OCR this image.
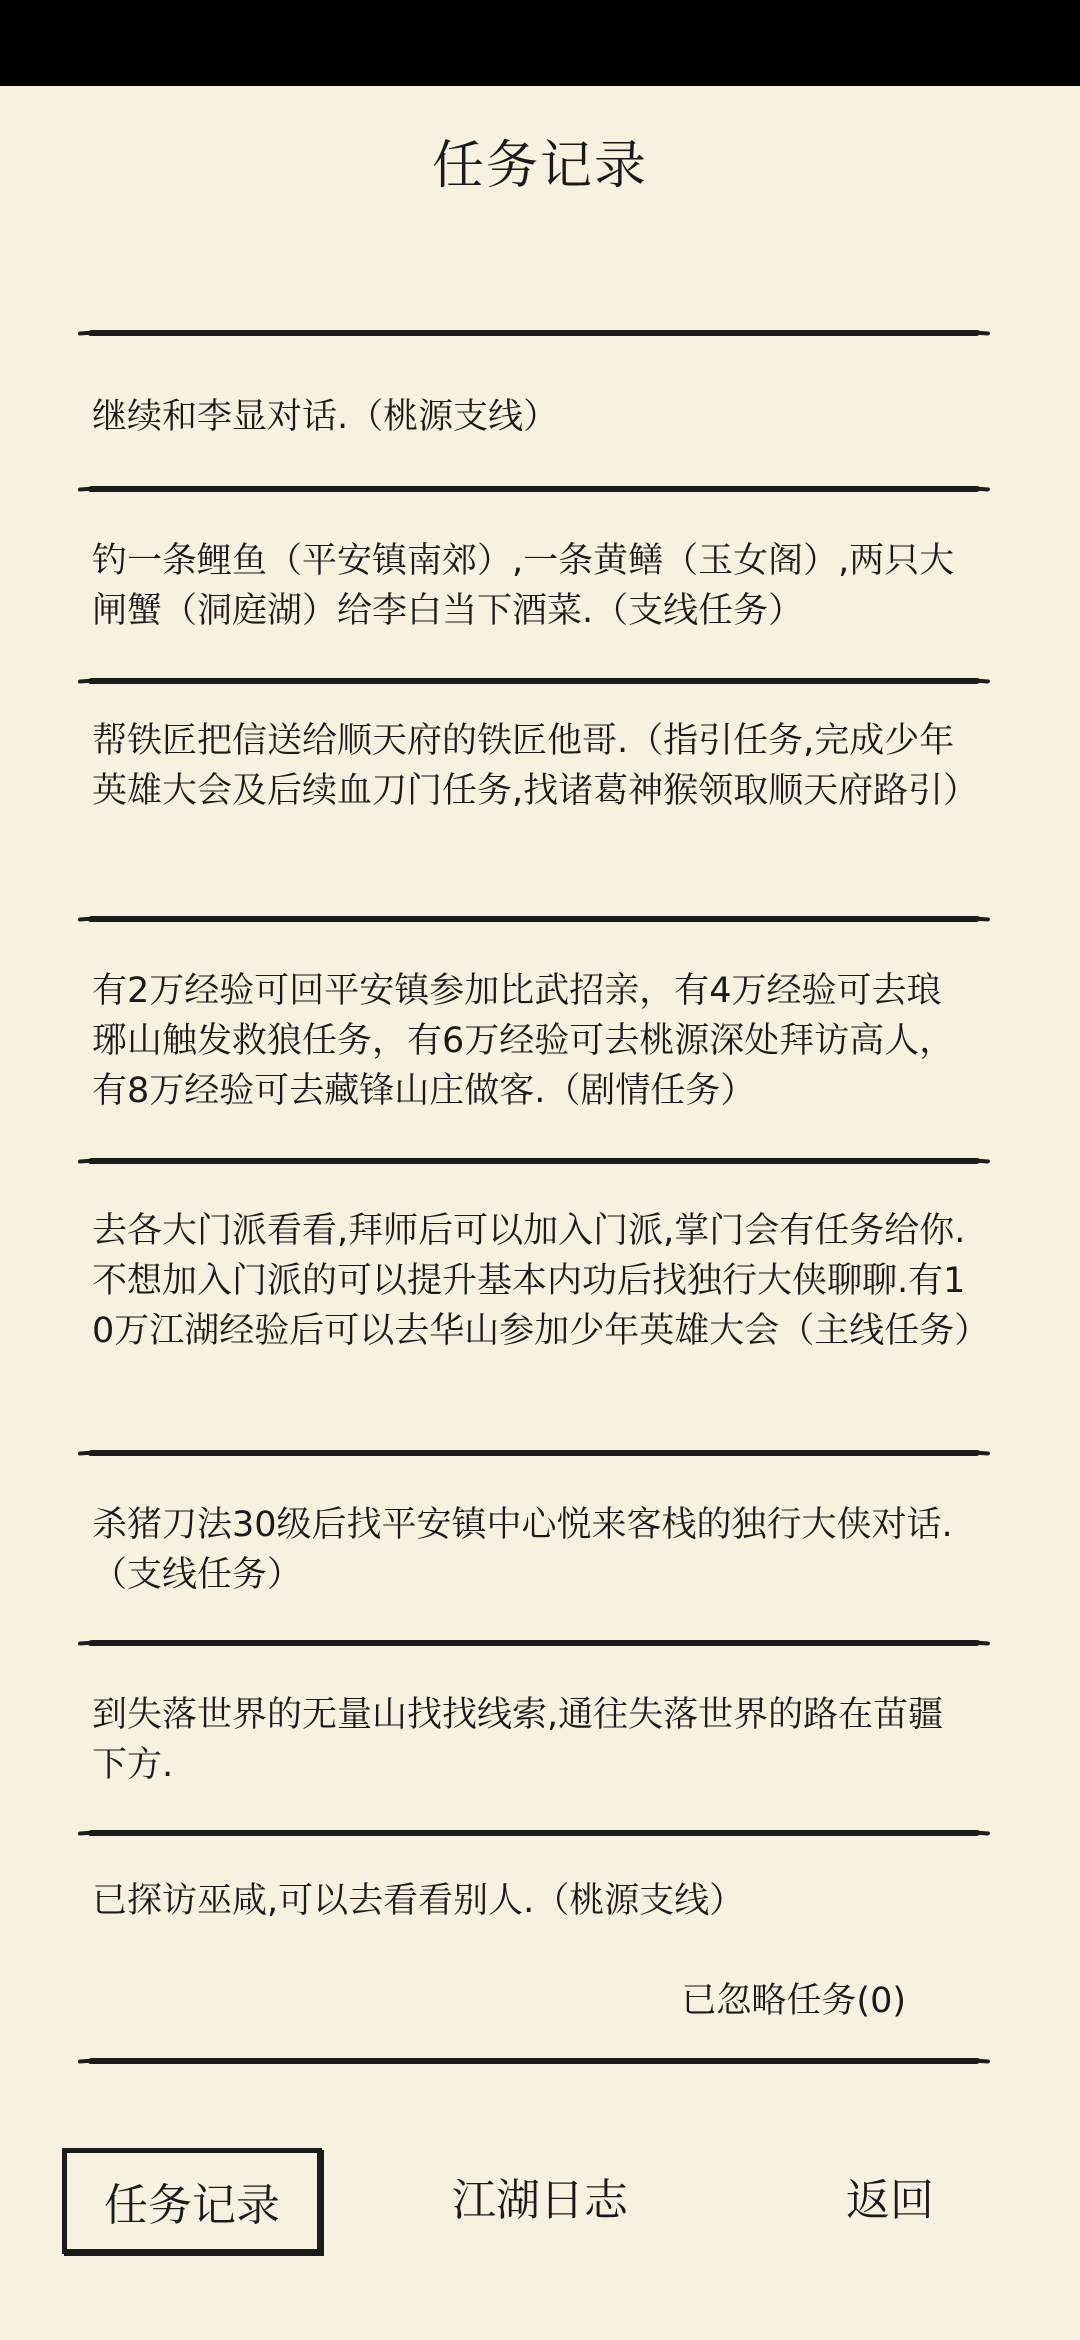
任务记录
继续和李显对话.（桃源支线）
钓一条鲤鱼（平安镇南郊）,一条黄鳝（玉女阁）,两只大闸蟹（洞庭湖）给李白当下酒菜.（支线任务）
帮铁匠把信送给顺天府的铁匠他哥.（指引任务,完成少年英雄大会及后续血刀门任务,找诸葛神猴领取顺天府路引）
有2万经验可回平安镇参加比武招亲，有4万经验可去琅琊山触发救狼任务，有6万经验可去桃源深处拜访高人，有8万经验可去藏锋山庄做客.（剧情任务）
去各大门派看看,拜师后可以加入门派,掌门会有任务给你.不想加入门派的可以提升基本内功后找独行大侠聊聊.有10万江湖经验后可以去华山参加少年英雄大会（主线任务）
杀猪刀法30级后找平安镇中心悦来客栈的独行大侠对话.（支线任务）
到失落世界的无量山找找线索,通往失落世界的路在苗疆下方.
已探访巫咸,可以去看看别人.（桃源支线）
已忽略任务(0)
任务记录	江湖日志	返回
